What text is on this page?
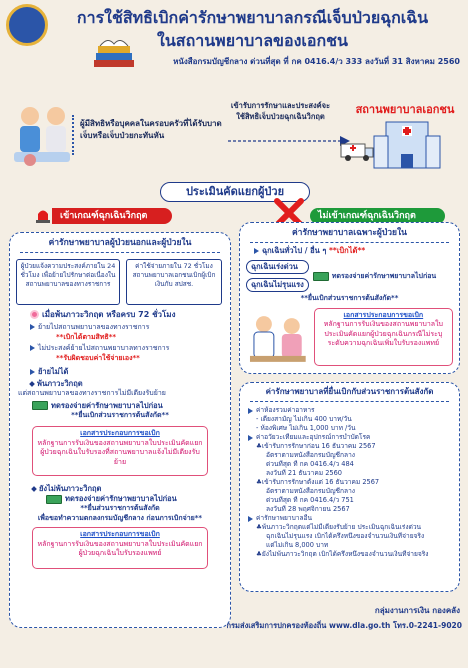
การใช้สิทธิเบิกค่ารักษาพยาบาลกรณีเจ็บป่วยฉุกเฉิน
ในสถานพยาบาลของเอกชน
หนังสือกรมบัญชีกลาง ด่วนที่สุด ที่ กค 0416.4/ว 333 ลงวันที่ 31 สิงหาคม 2560
ผู้มีสิทธิหรือบุคคลในครอบครัวที่ได้รับบาดเจ็บหรือเจ็บป่วยกะทันหัน
เข้ารับการรักษาและประสงค์จะใช้สิทธิเจ็บป่วยฉุกเฉินวิกฤต
สถานพยาบาลเอกชน
ประเมินคัดแยกผู้ป่วย
เข้าเกณฑ์ฉุกเฉินวิกฤต	ไม่เข้าเกณฑ์ฉุกเฉินวิกฤต
ค่ารักษาพยาบาลผู้ป่วยนอกและผู้ป่วยใน
ผู้ป่วยแจ้งความประสงค์ภายใน 24 ชั่วโมง เพื่อย้ายไปรักษาต่อเนื่องในสถานพยาบาลของทางราชการ
ค่าใช้จ่ายภายใน 72 ชั่วโมง สถานพยาบาลเอกชนเบิกผู้เบิกเงินกับ สปสช.
เมื่อพ้นภาวะวิกฤต หรือครบ 72 ชั่วโมง
ย้ายไปสถานพยาบาลของทางราชการ
**เบิกได้ตามสิทธิ**
ไม่ประสงค์ย้ายไปสถานพยาบาลทางราชการ
**รับผิดชอบค่าใช้จ่ายเอง**
ย้ายไม่ได้
พ้นภาวะวิกฤต
แต่สถานพยาบาลของทางราชการไม่มีเตียงรับย้าย
ทดรองจ่ายค่ารักษาพยาบาลไปก่อน
**ยื่นเบิกส่วนราชการต้นสังกัด**
เอกสารประกอบการขอเบิก
หลักฐานการรับเงินของสถานพยาบาลใบประเมินคัดแยกผู้ป่วยฉุกเฉินใบรับรองที่สถานพยาบาลแจ้งไม่มีเตียงรับย้าย
ยังไม่พ้นภาวะวิกฤต
ทดรองจ่ายค่ารักษาพยาบาลไปก่อน
**ยื่นส่วนราชการต้นสังกัด
เพื่อขอทำความตกลงกรมบัญชีกลาง ก่อนการเบิกจ่าย**
เอกสารประกอบการขอเบิก
หลักฐานการรับเงินของสถานพยาบาลใบประเมินคัดแยกผู้ป่วยฉุกเฉินใบรับรองแพทย์
ค่ารักษาพยาบาลเฉพาะผู้ป่วยใน
ฉุกเฉินทั่วไป / อื่น ๆ **เบิกได้**
ฉุกเฉินเร่งด่วน
ฉุกเฉินไม่รุนแรง
ทดรองจ่ายค่ารักษาพยาบาลไปก่อน
**ยื่นเบิกส่วนราชการต้นสังกัด**
เอกสารประกอบการขอเบิก
หลักฐานการรับเงินของสถานพยาบาลใบประเมินคัดแยกผู้ป่วยฉุกเฉินกรณีไม่ระบุระดับความฉุกเฉินเพิ่มใบรับรองแพทย์
ค่ารักษาพยาบาลที่ยื่นเบิกกับส่วนราชการต้นสังกัด
ค่าห้องรวมค่าอาหาร
- เตียงสามัญ ไม่เกิน 400 บาท/วัน
- ห้องพิเศษ ไม่เกิน 1,000 บาท /วัน
ค่าอวัยวะเทียมและอุปกรณ์การบำบัดโรค
♣เข้ารับการรักษาก่อน 16 ธันวาคม 2567
อัตราตามหนังสือกรมบัญชีกลาง
ด่วนที่สุด ที่ กค 0416.4/ว 484
ลงวันที่ 21 ธันวาคม 2560
♣เข้ารับการรักษาตั้งแต่ 16 ธันวาคม 2567
อัตราตามหนังสือกรมบัญชีกลาง
ด่วนที่สุด ที่ กค 0416.4/ว 751
ลงวันที่ 28 พฤศจิกายน 2567
ค่ารักษาพยาบาลอื่น
♣พ้นภาวะวิกฤตแต่ไม่มีเตียงรับย้าย ประเมินฉุกเฉินเร่งด่วน
ฉุกเฉินไม่รุนแรง เบิกได้ครึ่งหนึ่งของจำนวนเงินที่จ่ายจริง
แต่ไม่เกิน 8,000 บาท
♣ยังไม่พ้นภาวะวิกฤต เบิกได้ครึ่งหนึ่งของจำนวนเงินที่จ่ายจริง
กลุ่มงานการเงิน กองคลัง
กรมส่งเสริมการปกครองท้องถิ่น www.dla.go.th โทร.0-2241-9020
